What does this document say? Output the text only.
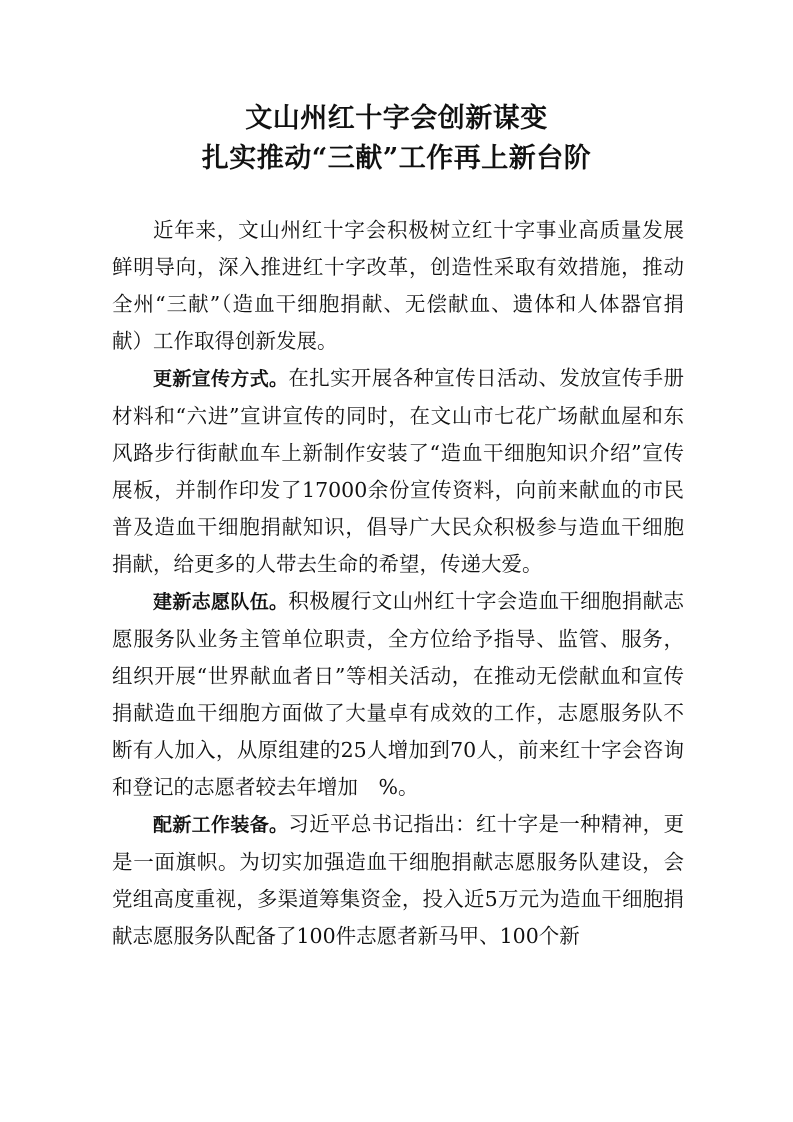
文山州红十字会创新谋变
扎实推动“三献”工作再上新台阶

近年来，文山州红十字会积极树立红十字事业高质量发展鲜明导向，深入推进红十字改革，创造性采取有效措施，推动全州“三献”（造血干细胞捐献、无偿献血、遗体和人体器官捐献）工作取得创新发展。

更新宣传方式。在扎实开展各种宣传日活动、发放宣传手册材料和“六进”宣讲宣传的同时，在文山市七花广场献血屋和东风路步行街献血车上新制作安装了“造血干细胞知识介绍”宣传展板，并制作印发了17000余份宣传资料，向前来献血的市民普及造血干细胞捐献知识，倡导广大民众积极参与造血干细胞捐献，给更多的人带去生命的希望，传递大爱。

建新志愿队伍。积极履行文山州红十字会造血干细胞捐献志愿服务队业务主管单位职责，全方位给予指导、监管、服务，组织开展“世界献血者日”等相关活动，在推动无偿献血和宣传捐献造血干细胞方面做了大量卓有成效的工作，志愿服务队不断有人加入，从原组建的25人增加到70人，前来红十字会咨询和登记的志愿者较去年增加　%。

配新工作装备。习近平总书记指出：红十字是一种精神，更是一面旗帜。为切实加强造血干细胞捐献志愿服务队建设，会党组高度重视，多渠道筹集资金，投入近5万元为造血干细胞捐献志愿服务队配备了100件志愿者新马甲、100个新
